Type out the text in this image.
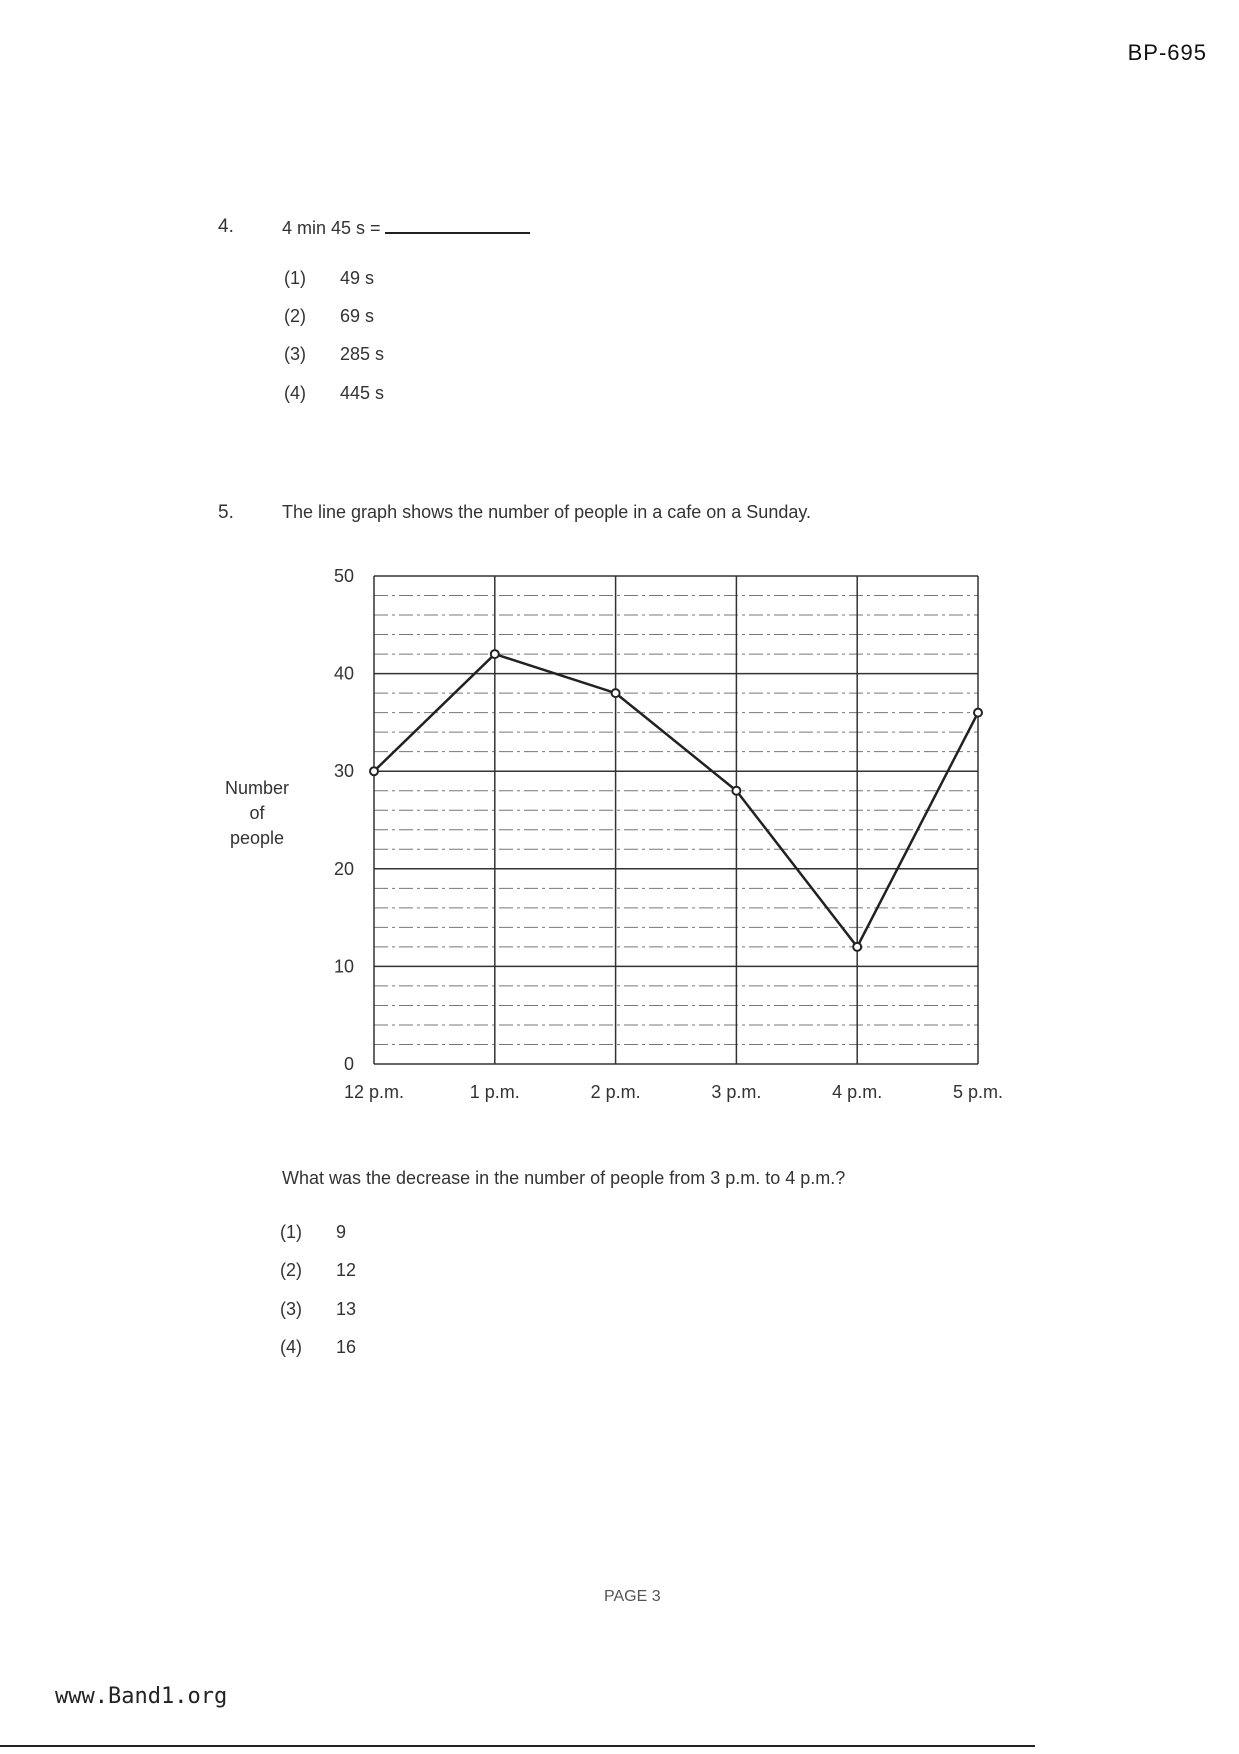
BP-695
4.	4 min 45 s =
(1) 49 s
(2) 69 s
(3) 285 s
(4) 445 s
5.	The line graph shows the number of people in a cafe on a Sunday.
Number
of
people
0
10
20
30
40
50
12 p.m.	1 p.m.	2 p.m.	3 p.m.	4 p.m.	5 p.m.
What was the decrease in the number of people from 3 p.m. to 4 p.m.?
(1) 9
(2) 12
(3) 13
(4) 16
PAGE 3
www.Band1.org
